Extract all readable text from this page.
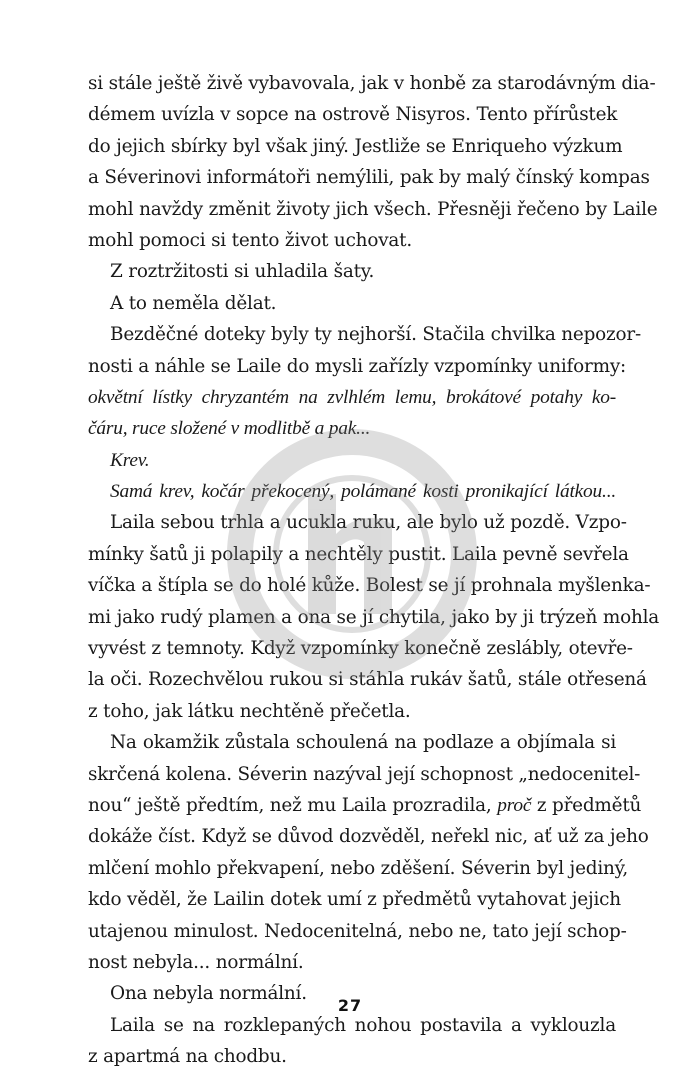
si stále ještě živě vybavovala, jak v honbě za starodávným dia-
démem uvízla v sopce na ostrově Nisyros. Tento přírůstek
do jejich sbírky byl však jiný. Jestliže se Enriqueho výzkum
a Séverinovi informátoři nemýlili, pak by malý čínský kompas
mohl navždy změnit životy jich všech. Přesněji řečeno by Laile
mohl pomoci si tento život uchovat.
Z roztržitosti si uhladila šaty.
A to neměla dělat.
Bezděčné doteky byly ty nejhorší. Stačila chvilka nepozor-
nosti a náhle se Laile do mysli zařízly vzpomínky uniformy:
okvětní lístky chryzantém na zvlhlém lemu, brokátové potahy ko-
čáru, ruce složené v modlitbě a pak...
Krev.
Samá krev, kočár překocený, polámané kosti pronikající látkou...
Laila sebou trhla a ucukla ruku, ale bylo už pozdě. Vzpo-
mínky šatů ji polapily a nechtěly pustit. Laila pevně sevřela
víčka a štípla se do holé kůže. Bolest se jí prohnala myšlenka-
mi jako rudý plamen a ona se jí chytila, jako by ji trýzeň mohla
vyvést z temnoty. Když vzpomínky konečně zeslábly, otevře-
la oči. Rozechvělou rukou si stáhla rukáv šatů, stále otřesená
z toho, jak látku nechtěně přečetla.
Na okamžik zůstala schoulená na podlaze a objímala si
skrčená kolena. Séverin nazýval její schopnost „nedocenitel-
nou“ ještě předtím, než mu Laila prozradila, proč z předmětů
dokáže číst. Když se důvod dozvěděl, neřekl nic, ať už za jeho
mlčení mohlo překvapení, nebo zděšení. Séverin byl jediný,
kdo věděl, že Lailin dotek umí z předmětů vytahovat jejich
utajenou minulost. Nedocenitelná, nebo ne, tato její schop-
nost nebyla... normální.
Ona nebyla normální.
Laila se na rozklepaných nohou postavila a vyklouzla
z apartmá na chodbu.
27
